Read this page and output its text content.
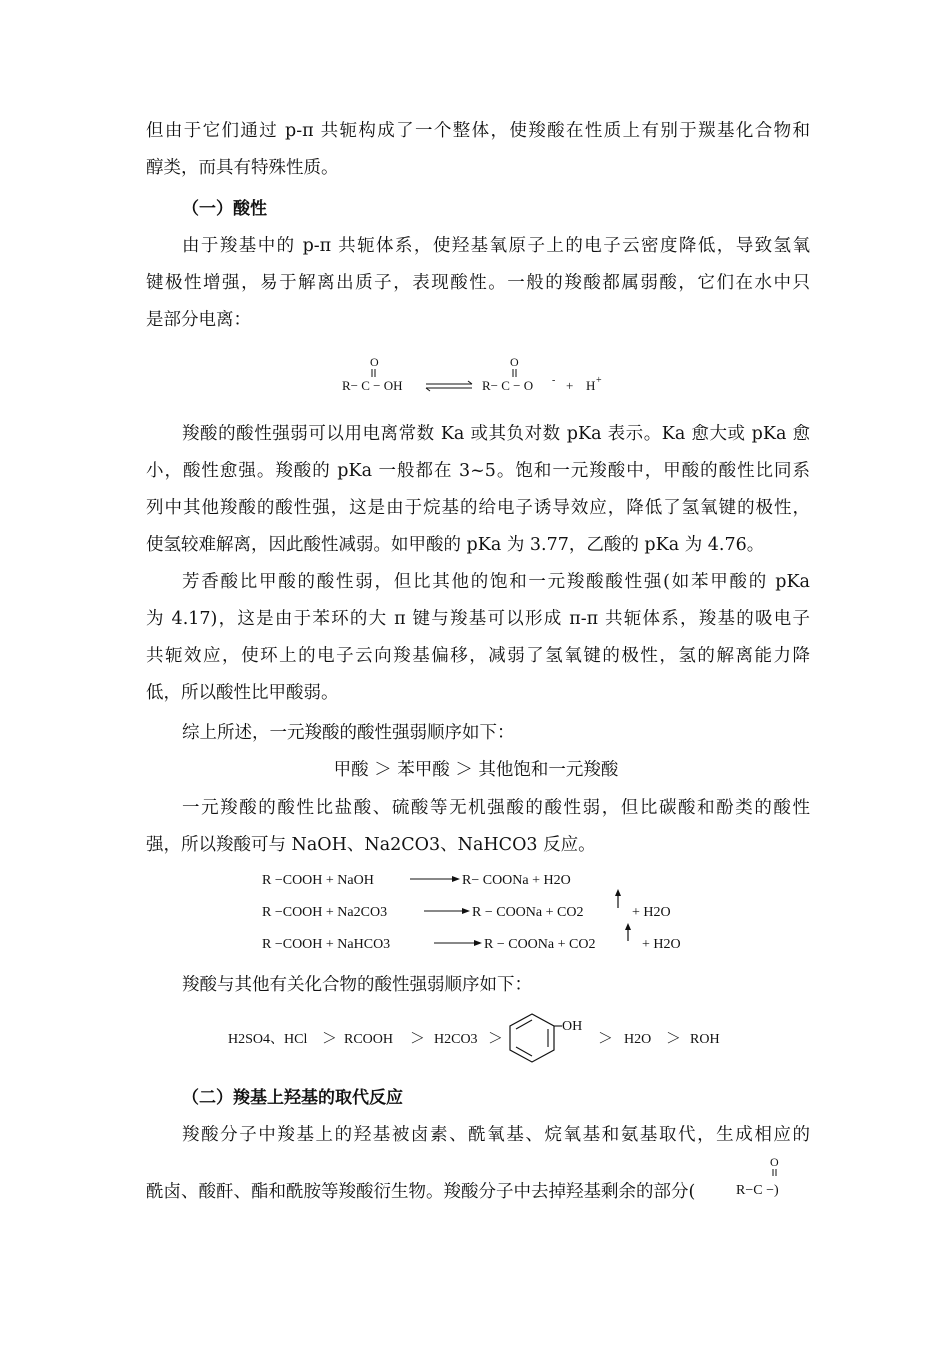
但由于它们通过 p-π 共轭构成了一个整体，使羧酸在性质上有别于羰基化合物和
醇类，而具有特殊性质。
（一）酸性
由于羧基中的 p-π 共轭体系，使羟基氧原子上的电子云密度降低，导致氢氧
键极性增强，易于解离出质子，表现酸性。一般的羧酸都属弱酸，它们在水中只
是部分电离：
O
R− C − OH
O
R− C − O - + H +
羧酸的酸性强弱可以用电离常数 Ka 或其负对数 pKa 表示。Ka 愈大或 pKa 愈
小，酸性愈强。羧酸的 pKa 一般都在 3~5。饱和一元羧酸中，甲酸的酸性比同系
列中其他羧酸的酸性强，这是由于烷基的给电子诱导效应，降低了氢氧键的极性，
使氢较难解离，因此酸性减弱。如甲酸的 pKa 为 3.77，乙酸的 pKa 为 4.76。
芳香酸比甲酸的酸性弱，但比其他的饱和一元羧酸酸性强(如苯甲酸的 pKa
为 4.17)，这是由于苯环的大 π 键与羧基可以形成 π-π 共轭体系，羧基的吸电子
共轭效应，使环上的电子云向羧基偏移，减弱了氢氧键的极性，氢的解离能力降
低，所以酸性比甲酸弱。
综上所述，一元羧酸的酸性强弱顺序如下：
甲酸 ＞ 苯甲酸 ＞ 其他饱和一元羧酸
一元羧酸的酸性比盐酸、硫酸等无机强酸的酸性弱，但比碳酸和酚类的酸性
强，所以羧酸可与 NaOH、Na2CO3、NaHCO3 反应。
R −COOH + NaOH	R− COONa + H2O
R −COOH + Na2CO3	R − COONa + CO2	+ H2O
R −COOH + NaHCO3	R − COONa + CO2	+ H2O
羧酸与其他有关化合物的酸性强弱顺序如下：
H2SO4、HCl ＞ RCOOH ＞ H2CO3 ＞
OH
＞ H2O ＞ ROH
（二）羧基上羟基的取代反应
羧酸分子中羧基上的羟基被卤素、酰氧基、烷氧基和氨基取代，生成相应的
酰卤、酸酐、酯和酰胺等羧酸衍生物。羧酸分子中去掉羟基剩余的部分(
O
R−C −)
